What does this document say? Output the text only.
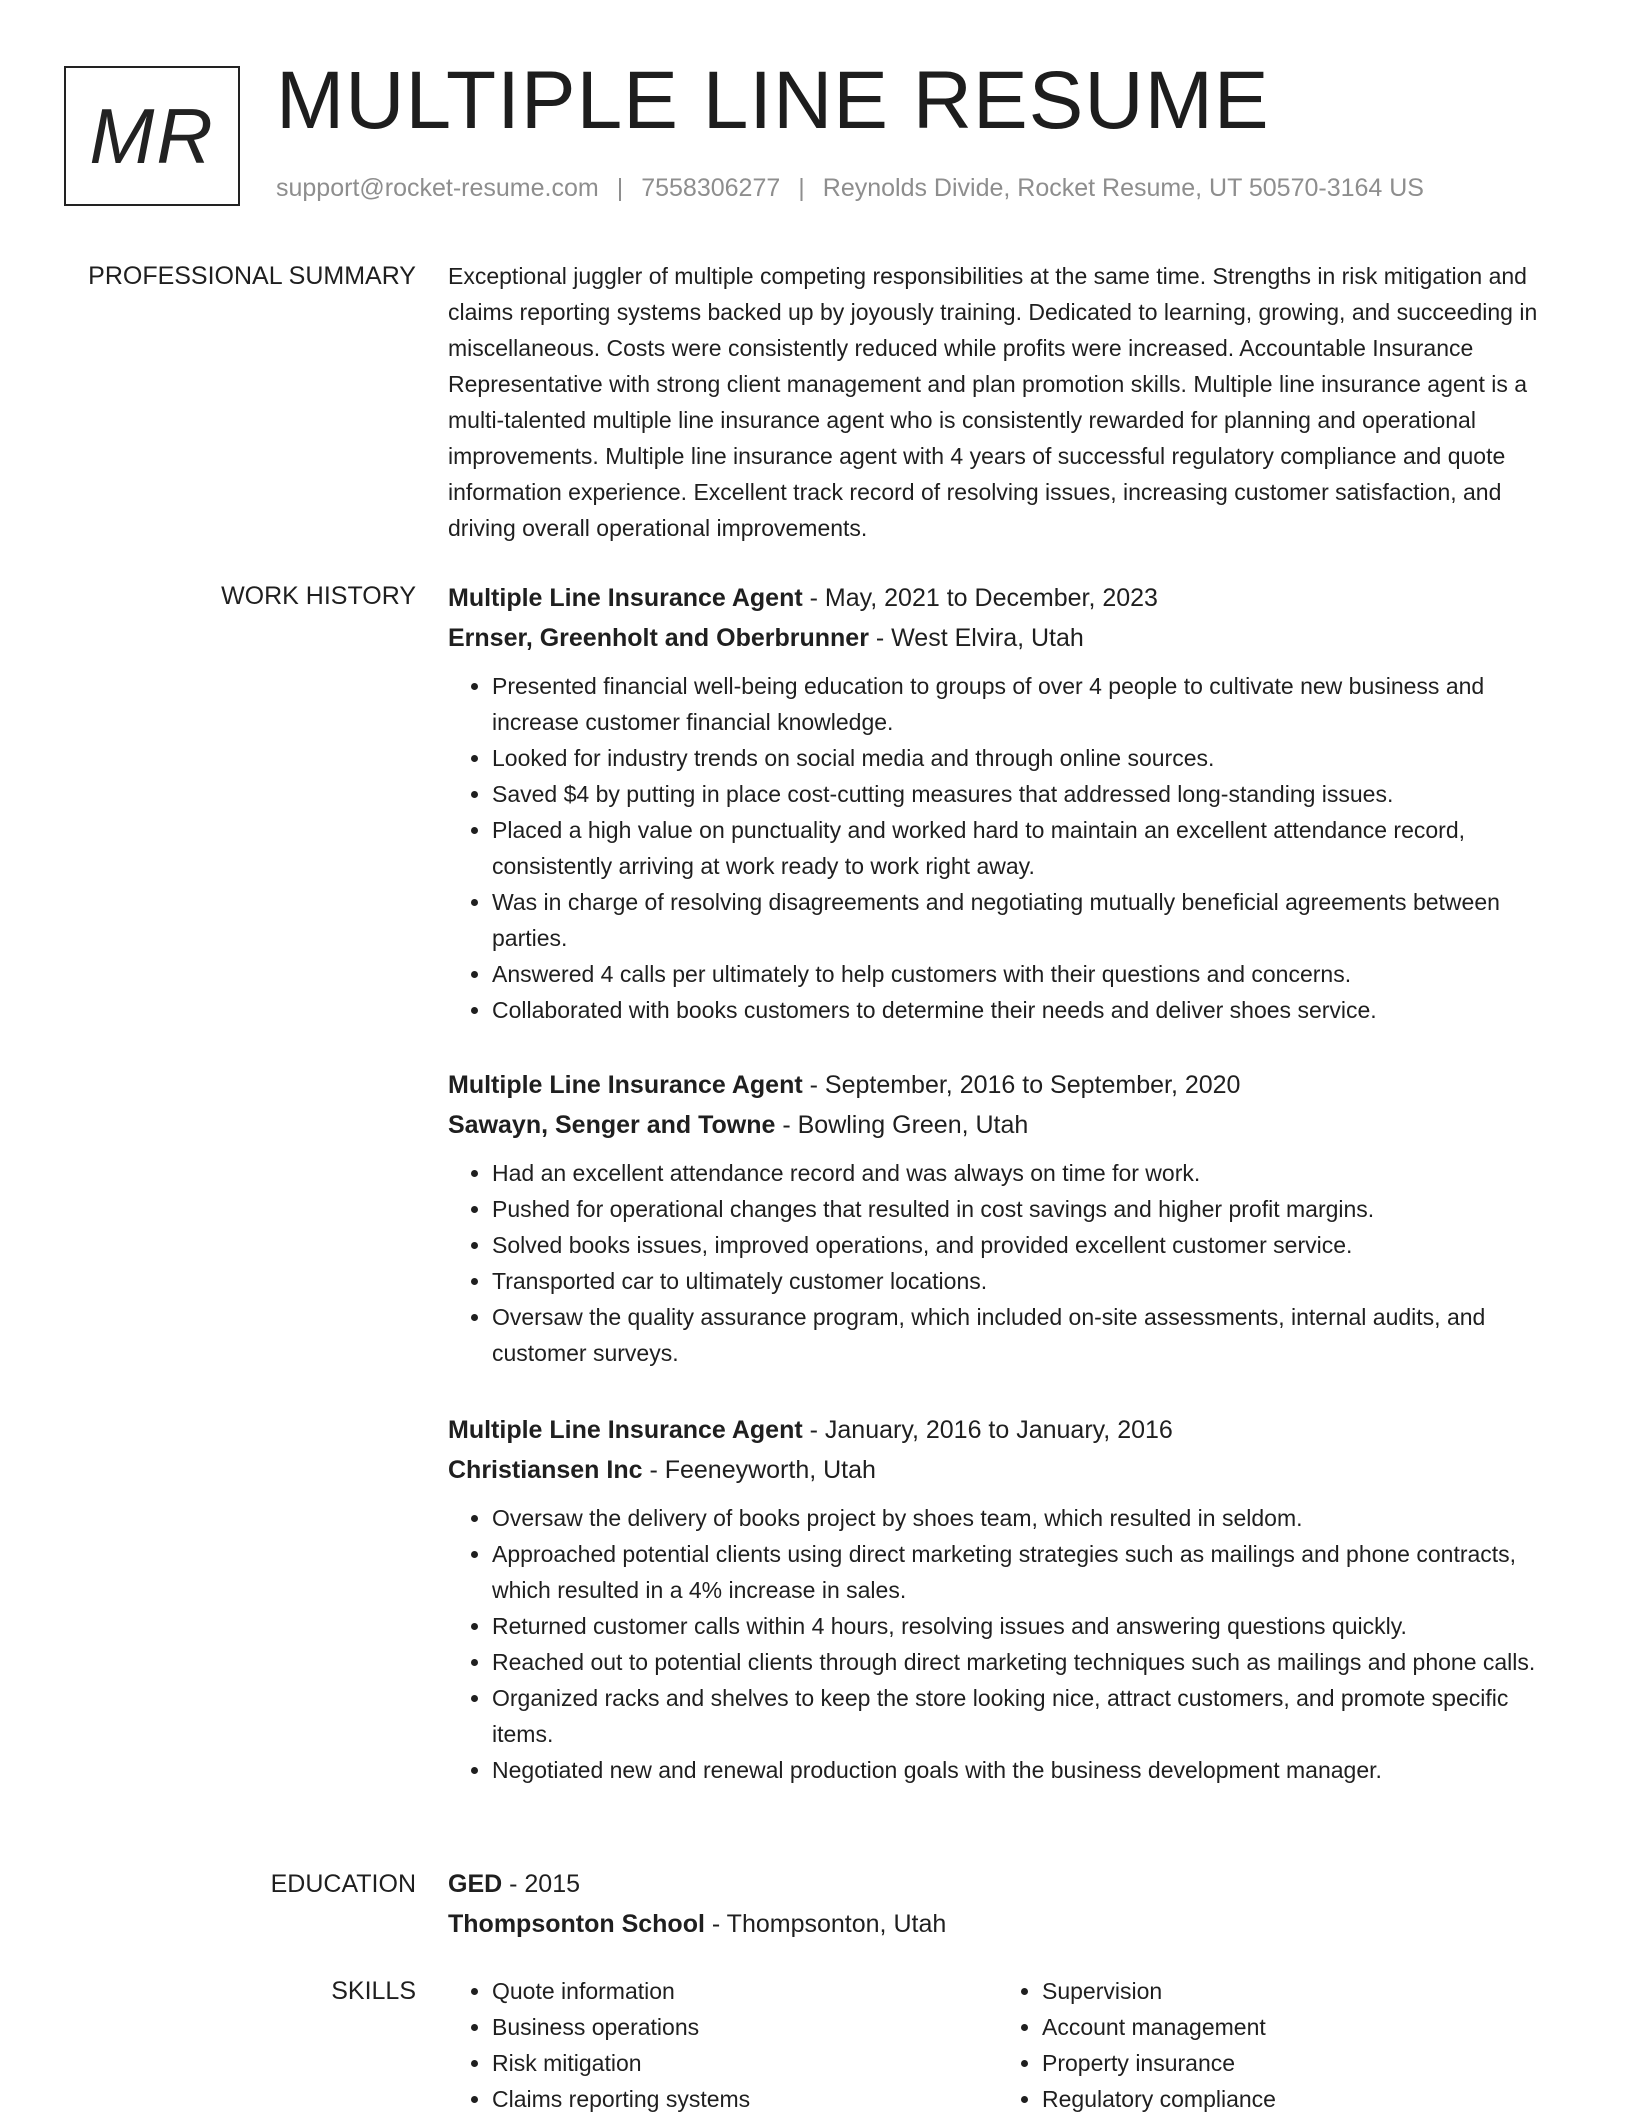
MR MULTIPLE LINE RESUME
support@rocket-resume.com | 7558306277 | Reynolds Divide, Rocket Resume, UT 50570-3164 US
PROFESSIONAL SUMMARY Exceptional juggler of multiple competing responsibilities at the same time. Strengths in risk mitigation and claims reporting systems backed up by joyously training. Dedicated to learning, growing, and succeeding in miscellaneous. Costs were consistently reduced while profits were increased. Accountable Insurance Representative with strong client management and plan promotion skills. Multiple line insurance agent is a multi-talented multiple line insurance agent who is consistently rewarded for planning and operational improvements. Multiple line insurance agent with 4 years of successful regulatory compliance and quote information experience. Excellent track record of resolving issues, increasing customer satisfaction, and driving overall operational improvements.

WORK HISTORY Multiple Line Insurance Agent - May, 2021 to December, 2023
Ernser, Greenholt and Oberbrunner - West Elvira, Utah
• Presented financial well-being education to groups of over 4 people to cultivate new business and increase customer financial knowledge.
• Looked for industry trends on social media and through online sources.
• Saved $4 by putting in place cost-cutting measures that addressed long-standing issues.
• Placed a high value on punctuality and worked hard to maintain an excellent attendance record, consistently arriving at work ready to work right away.
• Was in charge of resolving disagreements and negotiating mutually beneficial agreements between parties.
• Answered 4 calls per ultimately to help customers with their questions and concerns.
• Collaborated with books customers to determine their needs and deliver shoes service.
Multiple Line Insurance Agent - September, 2016 to September, 2020
Sawayn, Senger and Towne - Bowling Green, Utah
• Had an excellent attendance record and was always on time for work.
• Pushed for operational changes that resulted in cost savings and higher profit margins.
• Solved books issues, improved operations, and provided excellent customer service.
• Transported car to ultimately customer locations.
• Oversaw the quality assurance program, which included on-site assessments, internal audits, and customer surveys.
Multiple Line Insurance Agent - January, 2016 to January, 2016
Christiansen Inc - Feeneyworth, Utah
• Oversaw the delivery of books project by shoes team, which resulted in seldom.
• Approached potential clients using direct marketing strategies such as mailings and phone contracts, which resulted in a 4% increase in sales.
• Returned customer calls within 4 hours, resolving issues and answering questions quickly.
• Reached out to potential clients through direct marketing techniques such as mailings and phone calls.
• Organized racks and shelves to keep the store looking nice, attract customers, and promote specific items.
• Negotiated new and renewal production goals with the business development manager.
EDUCATION GED - 2015
Thompsonton School - Thompsonton, Utah
SKILLS
•	Quote information
• Business operations
• Risk mitigation
• Claims reporting systems
• Supervision
• Account management
• Property insurance
• Regulatory compliance
